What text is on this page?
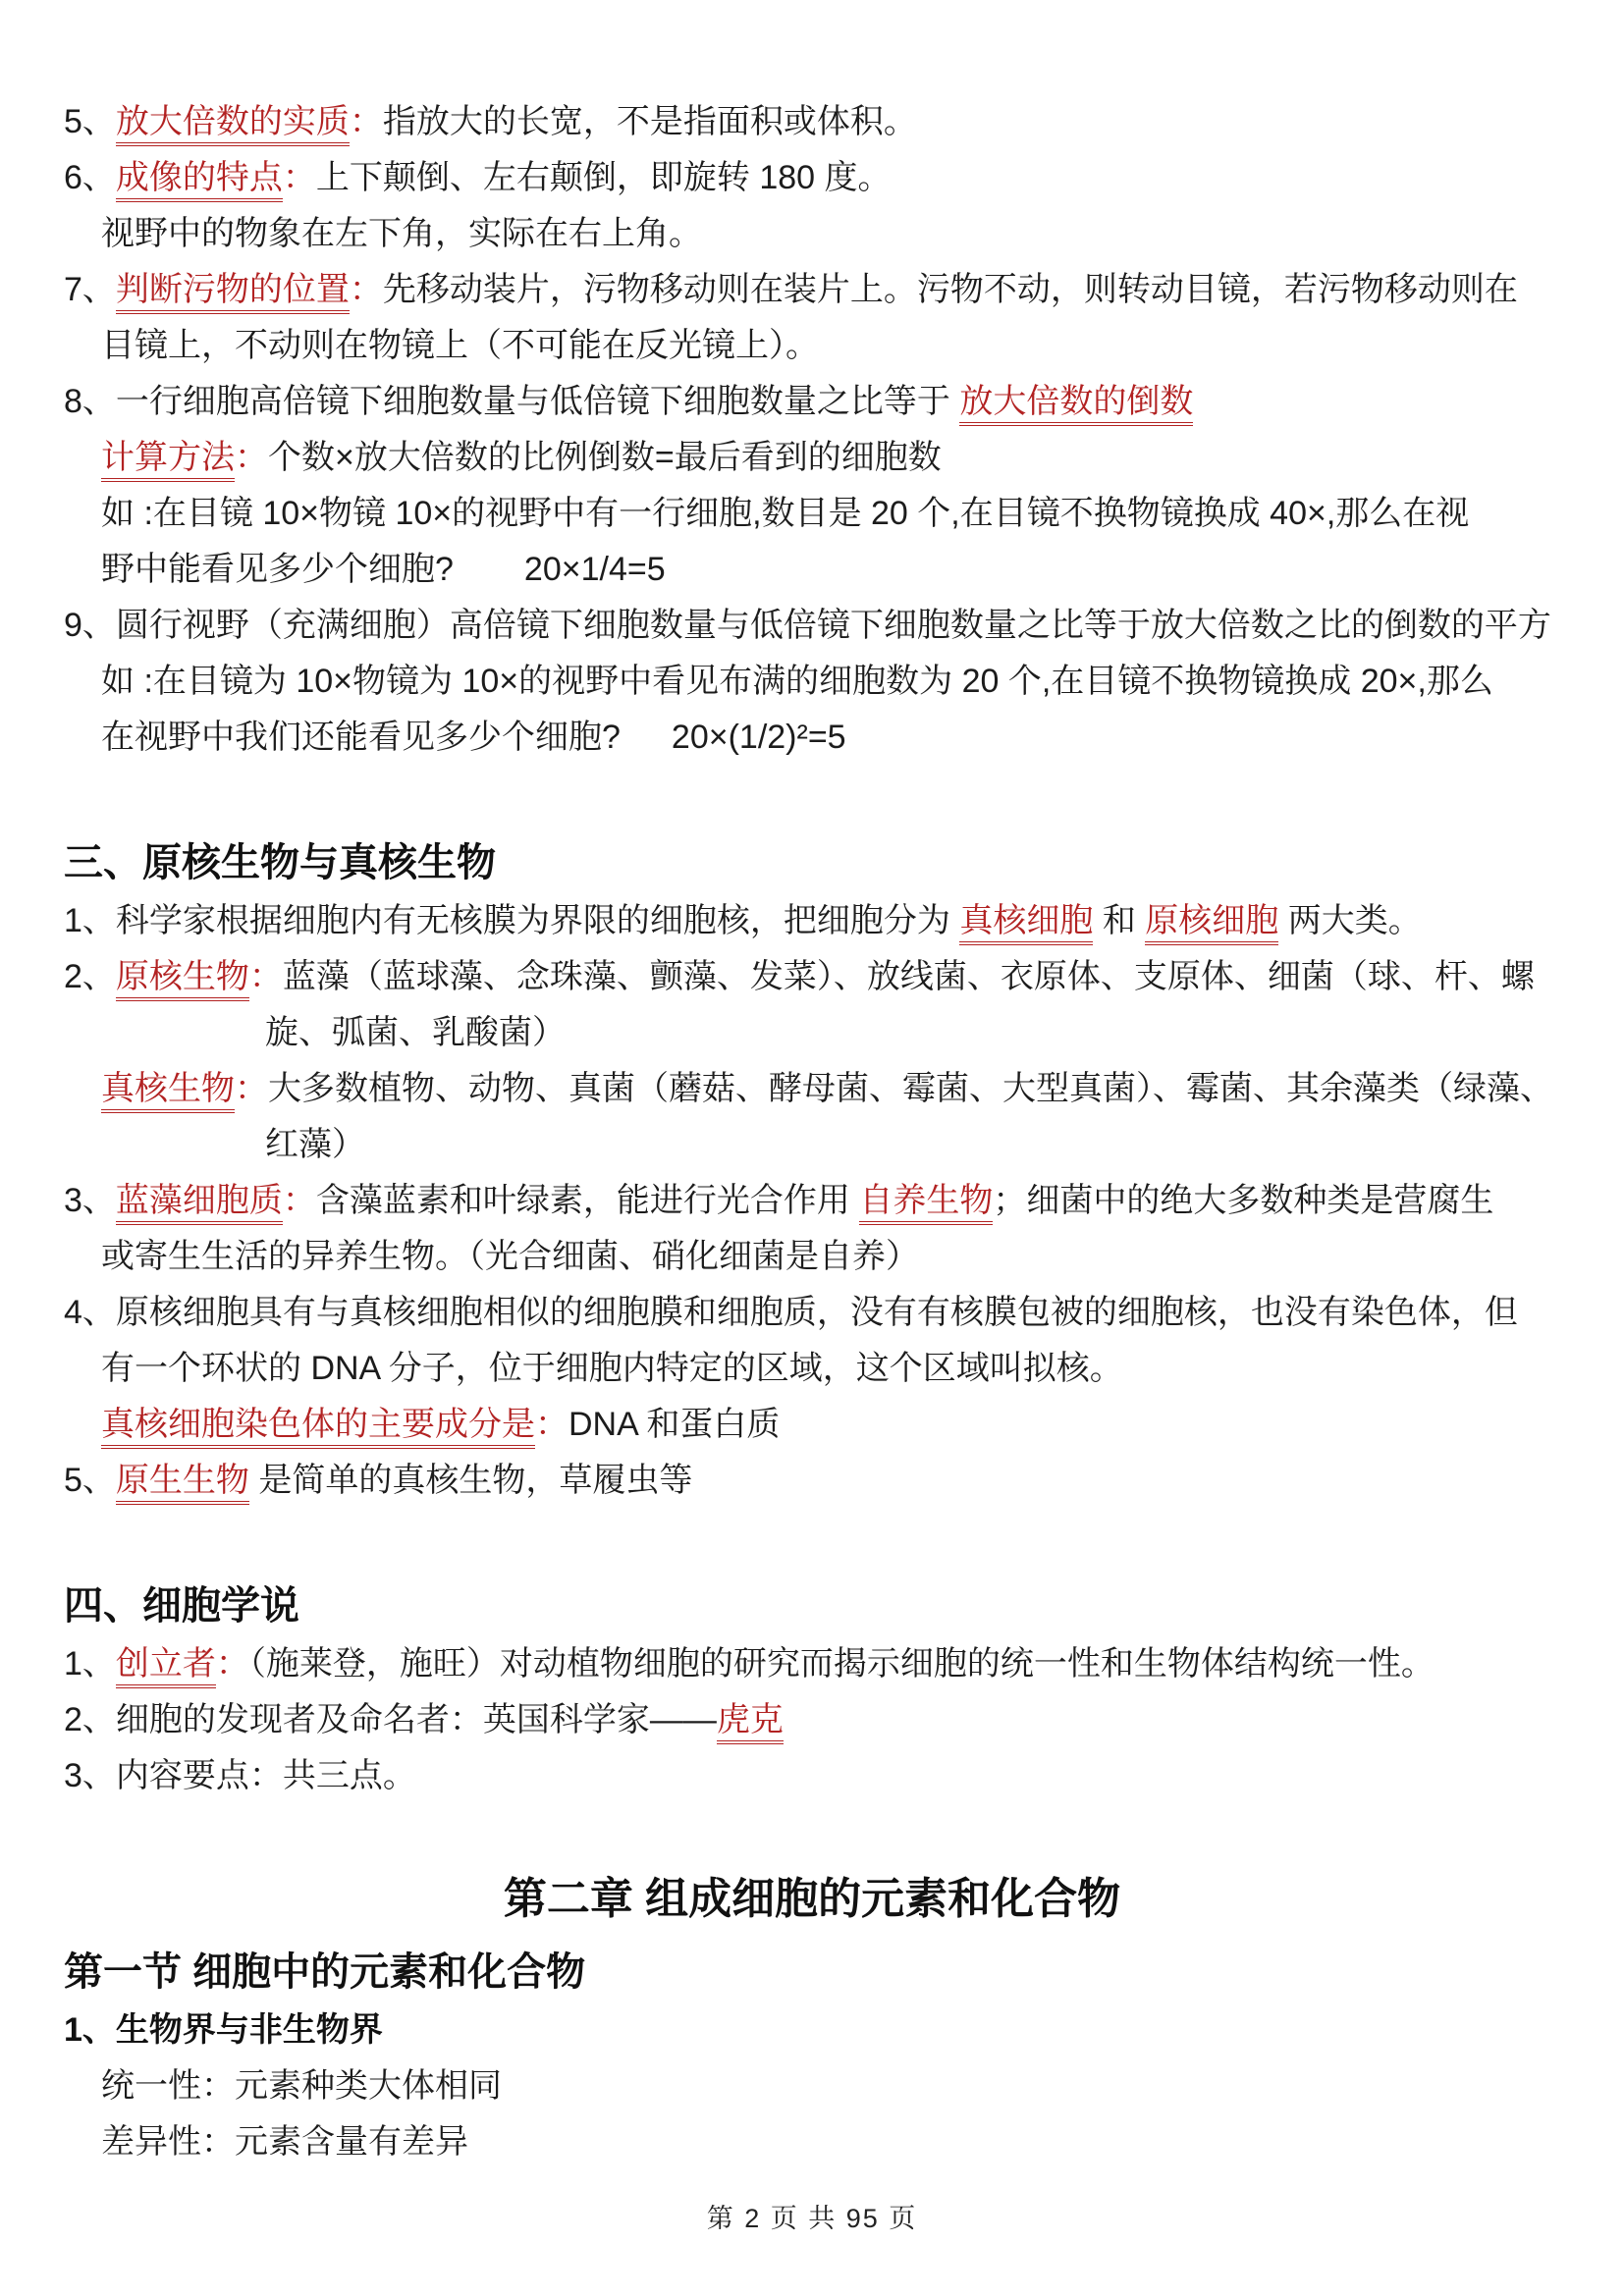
5、放大倍数的实质：指放大的长宽，不是指面积或体积。
6、成像的特点：上下颠倒、左右颠倒，即旋转 180 度。
视野中的物象在左下角，实际在右上角。
7、判断污物的位置：先移动装片，污物移动则在装片上。污物不动，则转动目镜，若污物移动则在
目镜上，不动则在物镜上（不可能在反光镜上）。
8、一行细胞高倍镜下细胞数量与低倍镜下细胞数量之比等于 放大倍数的倒数
计算方法：个数×放大倍数的比例倒数=最后看到的细胞数
如 :在目镜 10×物镜 10×的视野中有一行细胞,数目是 20 个,在目镜不换物镜换成 40×,那么在视
野中能看见多少个细胞? 20×1/4=5
9、圆行视野（充满细胞）高倍镜下细胞数量与低倍镜下细胞数量之比等于放大倍数之比的倒数的平方
如 :在目镜为 10×物镜为 10×的视野中看见布满的细胞数为 20 个,在目镜不换物镜换成 20×,那么
在视野中我们还能看见多少个细胞? 20×(1/2)²=5
三、原核生物与真核生物
1、科学家根据细胞内有无核膜为界限的细胞核，把细胞分为 真核细胞 和 原核细胞 两大类。
2、原核生物：蓝藻（蓝球藻、念珠藻、颤藻、发菜）、放线菌、衣原体、支原体、细菌（球、杆、螺
旋、弧菌、乳酸菌）
真核生物：大多数植物、动物、真菌（蘑菇、酵母菌、霉菌、大型真菌）、霉菌、其余藻类（绿藻、
红藻）
3、蓝藻细胞质：含藻蓝素和叶绿素，能进行光合作用 自养生物；细菌中的绝大多数种类是营腐生
或寄生生活的异养生物。（光合细菌、硝化细菌是自养）
4、原核细胞具有与真核细胞相似的细胞膜和细胞质，没有有核膜包被的细胞核，也没有染色体，但
有一个环状的 DNA 分子，位于细胞内特定的区域，这个区域叫拟核。
真核细胞染色体的主要成分是：DNA 和蛋白质
5、原生生物 是简单的真核生物，草履虫等
四、细胞学说
1、创立者：（施莱登，施旺）对动植物细胞的研究而揭示细胞的统一性和生物体结构统一性。
2、细胞的发现者及命名者：英国科学家——虎克
3、内容要点：共三点。
第二章 组成细胞的元素和化合物
第一节 细胞中的元素和化合物
1、生物界与非生物界
统一性：元素种类大体相同
差异性：元素含量有差异
第 2 页 共 95 页
